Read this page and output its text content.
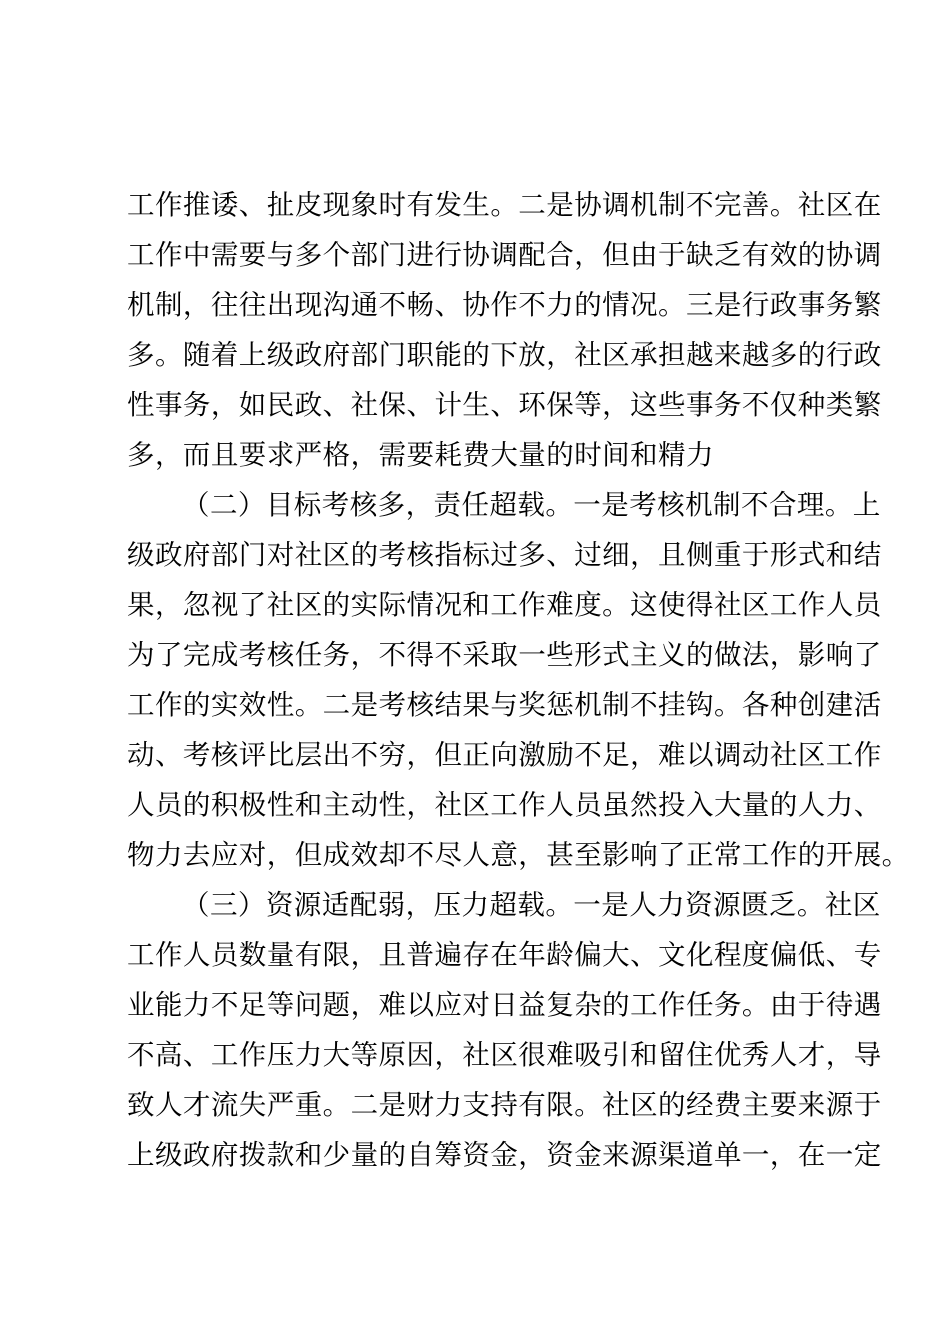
工作推诿、扯皮现象时有发生。二是协调机制不完善。社区在
工作中需要与多个部门进行协调配合，但由于缺乏有效的协调
机制，往往出现沟通不畅、协作不力的情况。三是行政事务繁
多。随着上级政府部门职能的下放，社区承担越来越多的行政
性事务，如民政、社保、计生、环保等，这些事务不仅种类繁
多，而且要求严格，需要耗费大量的时间和精力
（二）目标考核多，责任超载。一是考核机制不合理。上
级政府部门对社区的考核指标过多、过细，且侧重于形式和结
果，忽视了社区的实际情况和工作难度。这使得社区工作人员
为了完成考核任务，不得不采取一些形式主义的做法，影响了
工作的实效性。二是考核结果与奖惩机制不挂钩。各种创建活
动、考核评比层出不穷，但正向激励不足，难以调动社区工作
人员的积极性和主动性，社区工作人员虽然投入大量的人力、
物力去应对，但成效却不尽人意，甚至影响了正常工作的开展。
（三）资源适配弱，压力超载。一是人力资源匮乏。社区
工作人员数量有限，且普遍存在年龄偏大、文化程度偏低、专
业能力不足等问题，难以应对日益复杂的工作任务。由于待遇
不高、工作压力大等原因，社区很难吸引和留住优秀人才，导
致人才流失严重。二是财力支持有限。社区的经费主要来源于
上级政府拨款和少量的自筹资金，资金来源渠道单一，在一定
